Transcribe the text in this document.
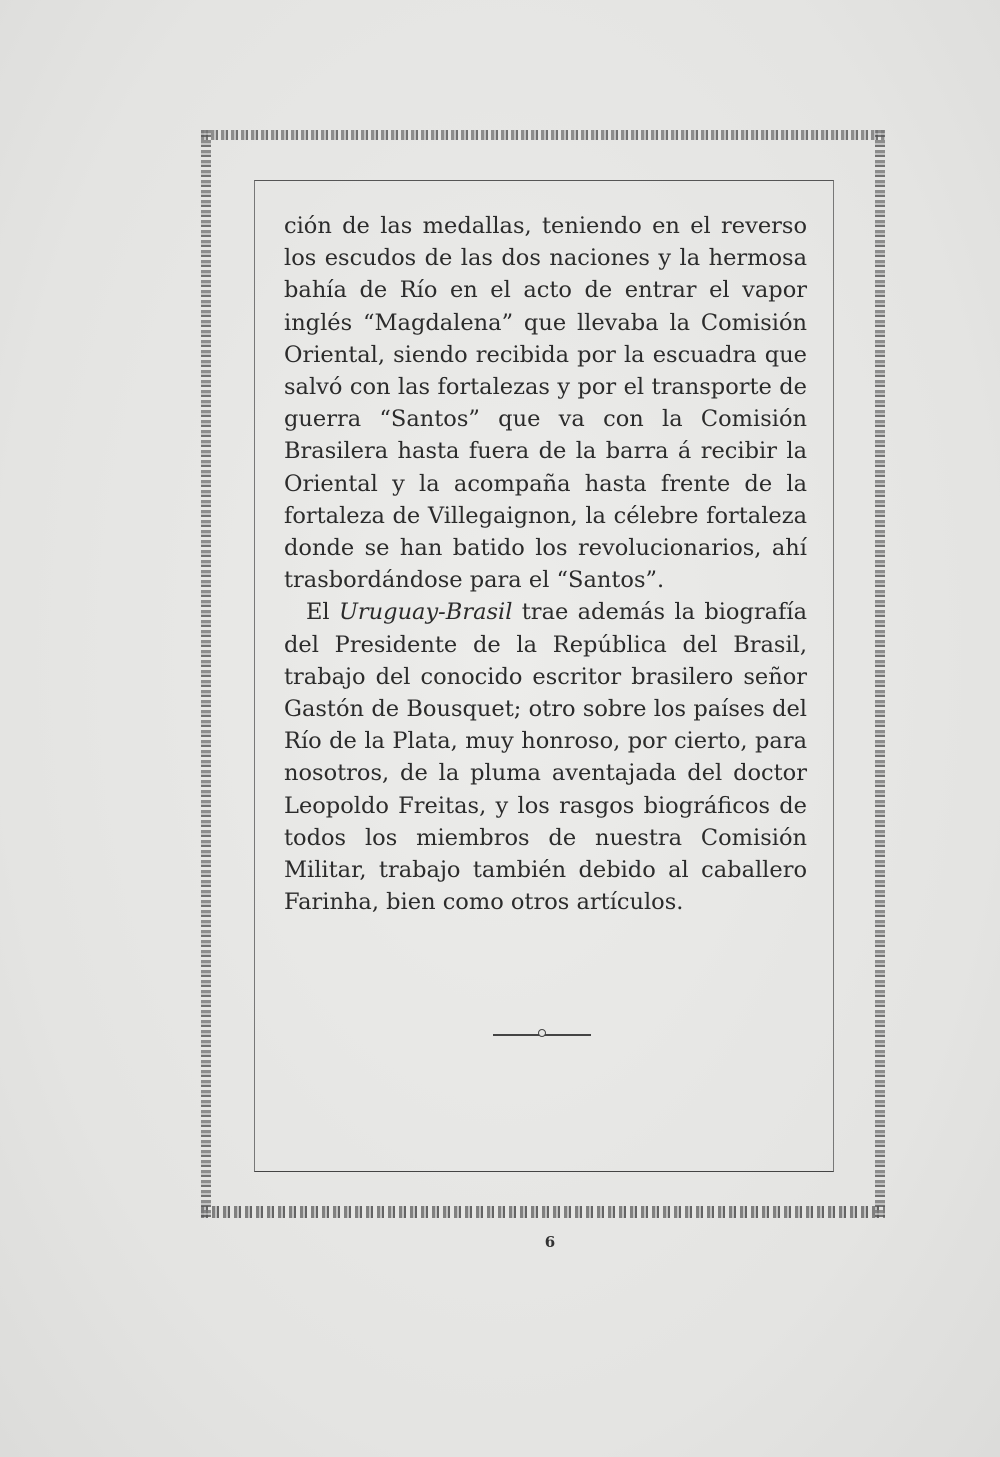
ción de las medallas, teniendo en el reverso los escudos de las dos naciones y la hermosa bahía de Río en el acto de entrar el vapor inglés “Magdalena” que llevaba la Comisión Oriental, siendo recibida por la escuadra que salvó con las fortalezas y por el transporte de guerra “Santos” que va con la Comisión Brasilera hasta fuera de la barra á recibir la Oriental y la acompaña hasta frente de la fortaleza de Villegaignon, la célebre fortaleza donde se han batido los revolucionarios, ahí trasbordándose para el “Santos”.

El Uruguay-Brasil trae además la biografía del Presidente de la República del Brasil, trabajo del conocido escritor brasilero señor Gastón de Bousquet; otro sobre los países del Río de la Plata, muy honroso, por cierto, para nosotros, de la pluma aventajada del doctor Leopoldo Freitas, y los rasgos biográficos de todos los miembros de nuestra Comisión Militar, trabajo también debido al caballero Farinha, bien como otros artículos.

6
